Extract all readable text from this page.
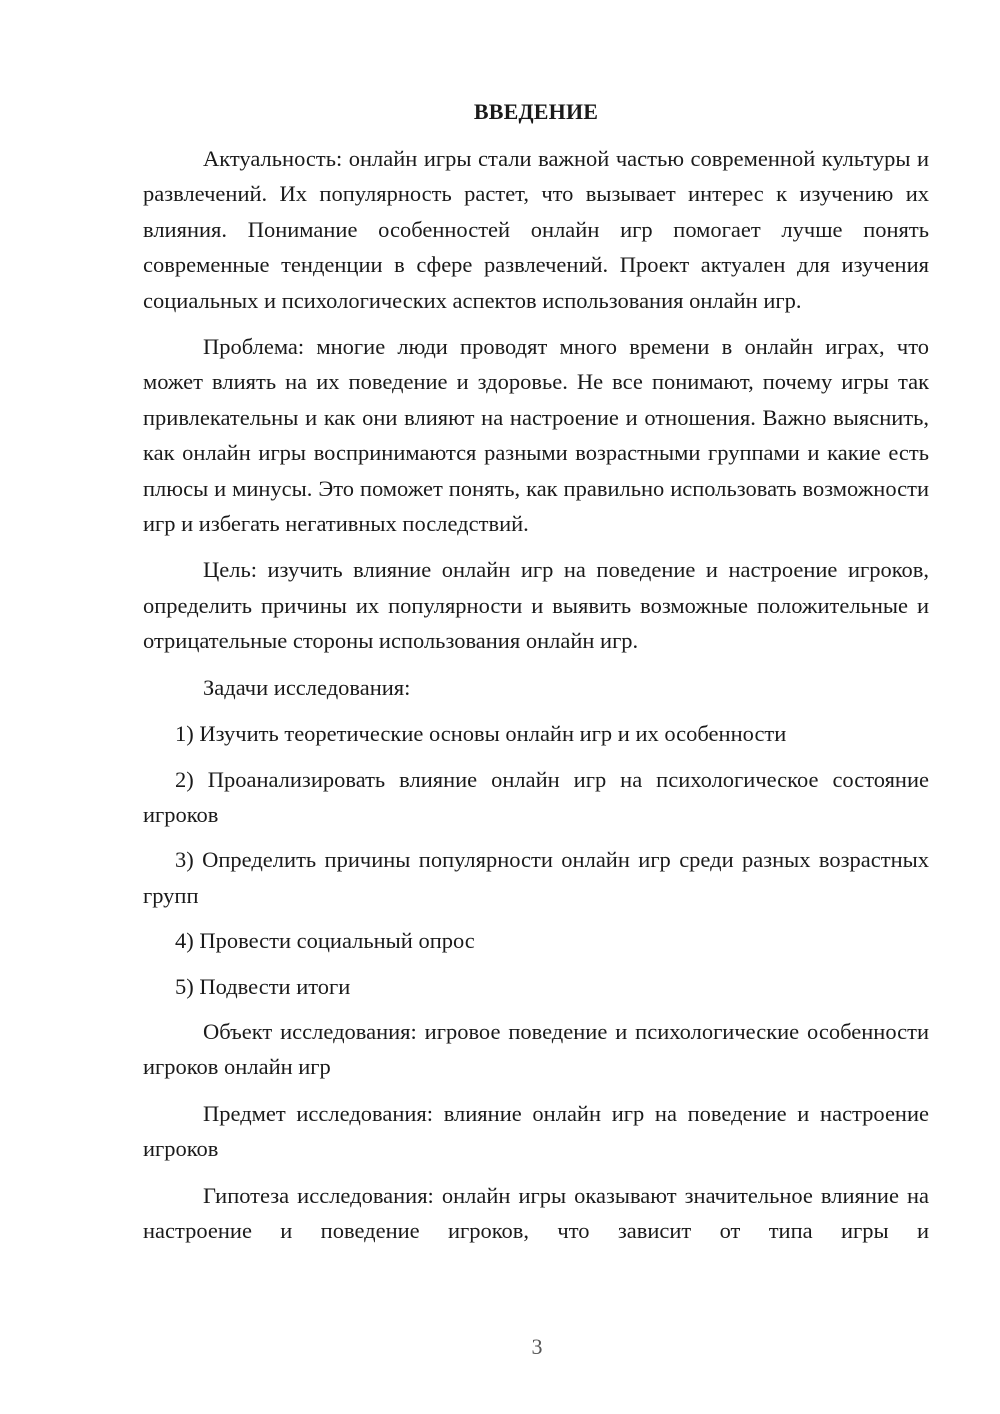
ВВЕДЕНИЕ

Актуальность: онлайн игры стали важной частью современной культуры и развлечений. Их популярность растет, что вызывает интерес к изучению их влияния. Понимание особенностей онлайн игр помогает лучше понять современные тенденции в сфере развлечений. Проект актуален для изучения социальных и психологических аспектов использования онлайн игр.

Проблема: многие люди проводят много времени в онлайн играх, что может влиять на их поведение и здоровье. Не все понимают, почему игры так привлекательны и как они влияют на настроение и отношения. Важно выяснить, как онлайн игры воспринимаются разными возрастными группами и какие есть плюсы и минусы. Это поможет понять, как правильно использовать возможности игр и избегать негативных последствий.

Цель: изучить влияние онлайн игр на поведение и настроение игроков, определить причины их популярности и выявить возможные положительные и отрицательные стороны использования онлайн игр.

Задачи исследования:

1) Изучить теоретические основы онлайн игр и их особенности

2) Проанализировать влияние онлайн игр на психологическое состояние игроков

3) Определить причины популярности онлайн игр среди разных возрастных групп

4) Провести социальный опрос

5) Подвести итоги

Объект исследования: игровое поведение и психологические особенности игроков онлайн игр

Предмет исследования: влияние онлайн игр на поведение и настроение игроков

Гипотеза исследования: онлайн игры оказывают значительное влияние на настроение и поведение игроков, что зависит от типа игры и

3
